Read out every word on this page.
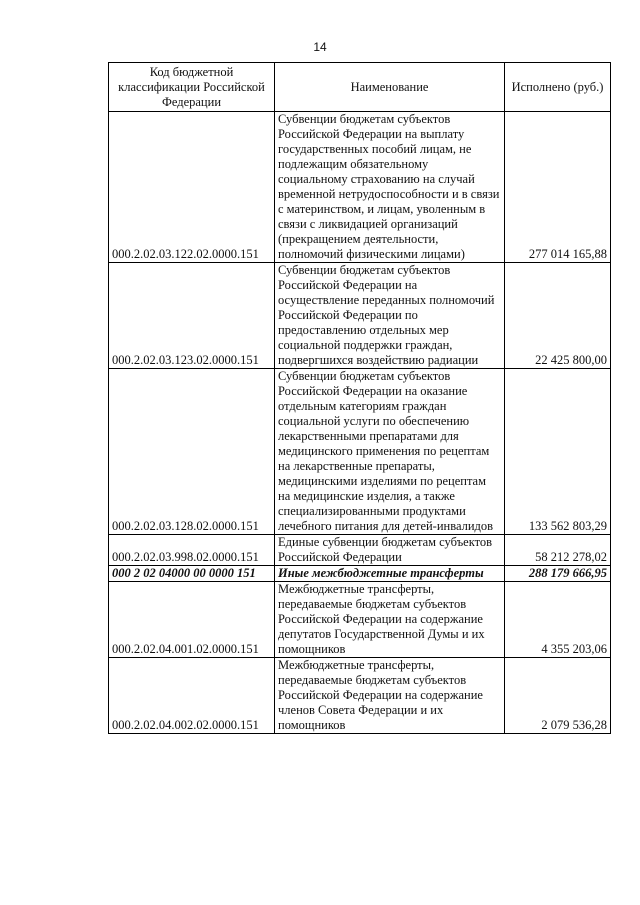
14
Код бюджетной классификации Российской Федерации	Наименование	Исполнено (руб.)
000.2.02.03.122.02.0000.151	Субвенции бюджетам субъектов Российской Федерации на выплату государственных пособий лицам, не подлежащим обязательному социальному страхованию на случай временной нетрудоспособности и в связи с материнством, и лицам, уволенным в связи с ликвидацией организаций (прекращением деятельности, полномочий физическими лицами)	277 014 165,88
000.2.02.03.123.02.0000.151	Субвенции бюджетам субъектов Российской Федерации на осуществление переданных полномочий Российской Федерации по предоставлению отдельных мер социальной поддержки граждан, подвергшихся воздействию радиации	22 425 800,00
000.2.02.03.128.02.0000.151	Субвенции бюджетам субъектов Российской Федерации на оказание отдельным категориям граждан социальной услуги по обеспечению лекарственными препаратами для медицинского применения по рецептам на лекарственные препараты, медицинскими изделиями по рецептам на медицинские изделия, а также специализированными продуктами лечебного питания для детей-инвалидов	133 562 803,29
000.2.02.03.998.02.0000.151	Единые субвенции бюджетам субъектов Российской Федерации	58 212 278,02
000 2 02 04000 00 0000 151	Иные межбюджетные трансферты	288 179 666,95
000.2.02.04.001.02.0000.151	Межбюджетные трансферты, передаваемые бюджетам субъектов Российской Федерации на содержание депутатов Государственной Думы и их помощников	4 355 203,06
000.2.02.04.002.02.0000.151	Межбюджетные трансферты, передаваемые бюджетам субъектов Российской Федерации на содержание членов Совета Федерации и их помощников	2 079 536,28
